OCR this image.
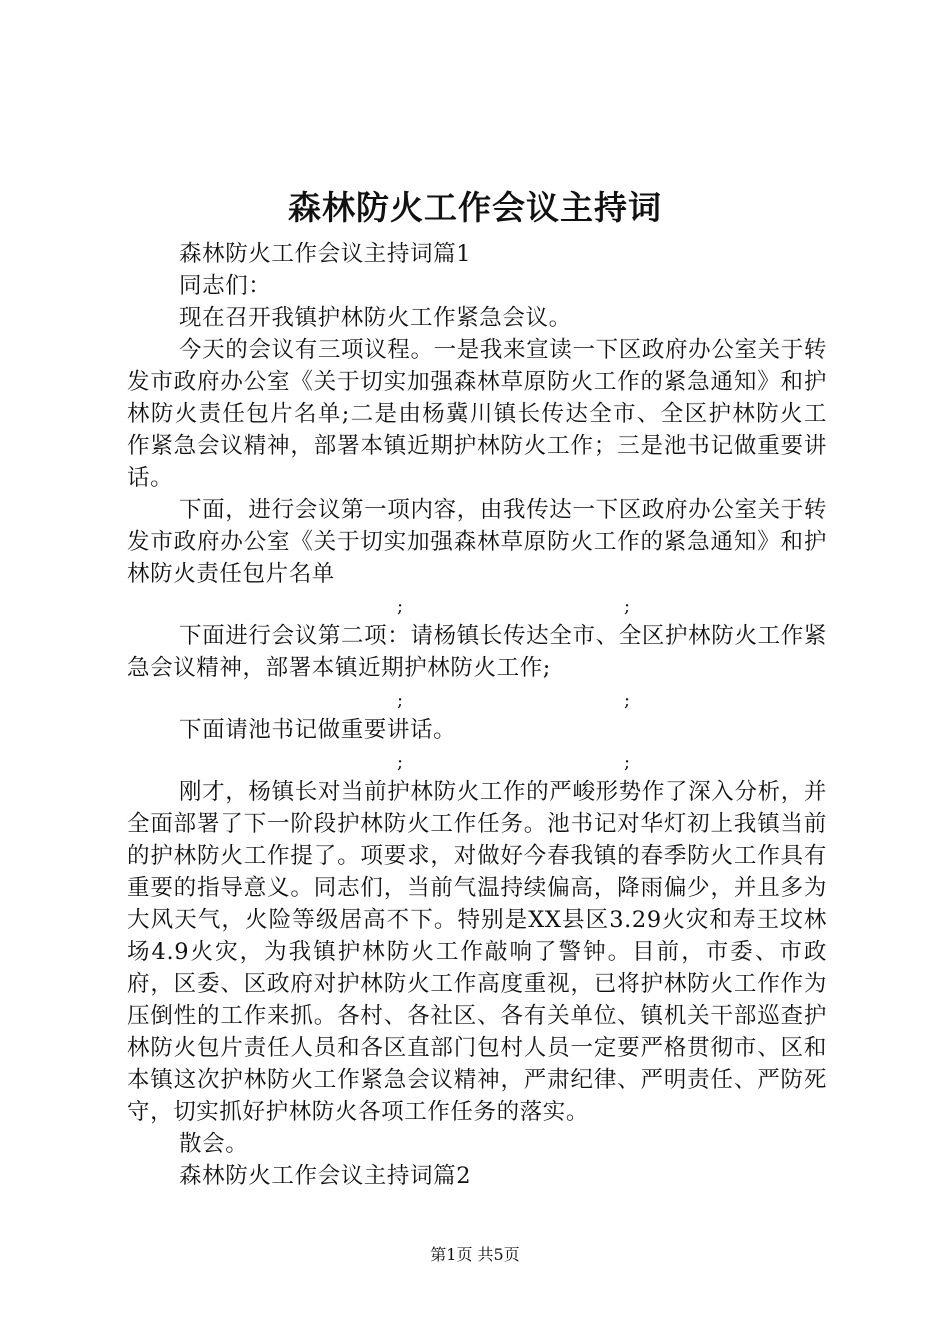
森林防火工作会议主持词

森林防火工作会议主持词篇1

同志们：

现在召开我镇护林防火工作紧急会议。

今天的会议有三项议程。一是我来宣读一下区政府办公室关于转发市政府办公室《关于切实加强森林草原防火工作的紧急通知》和护林防火责任包片名单;二是由杨冀川镇长传达全市、全区护林防火工作紧急会议精神，部署本镇近期护林防火工作；三是池书记做重要讲话。

下面，进行会议第一项内容，由我传达一下区政府办公室关于转发市政府办公室《关于切实加强森林草原防火工作的紧急通知》和护林防火责任包片名单

;	;

下面进行会议第二项：请杨镇长传达全市、全区护林防火工作紧急会议精神，部署本镇近期护林防火工作;

;	;

下面请池书记做重要讲话。

;	;

刚才，杨镇长对当前护林防火工作的严峻形势作了深入分析，并全面部署了下一阶段护林防火工作任务。池书记对华灯初上我镇当前的护林防火工作提了。项要求，对做好今春我镇的春季防火工作具有重要的指导意义。同志们，当前气温持续偏高，降雨偏少，并且多为大风天气，火险等级居高不下。特别是XX县区3.29火灾和寿王坟林场4.9火灾，为我镇护林防火工作敲响了警钟。目前，市委、市政府，区委、区政府对护林防火工作高度重视，已将护林防火工作作为压倒性的工作来抓。各村、各社区、各有关单位、镇机关干部巡查护林防火包片责任人员和各区直部门包村人员一定要严格贯彻市、区和本镇这次护林防火工作紧急会议精神，严肃纪律、严明责任、严防死守，切实抓好护林防火各项工作任务的落实。

散会。

森林防火工作会议主持词篇2

第1页 共5页
